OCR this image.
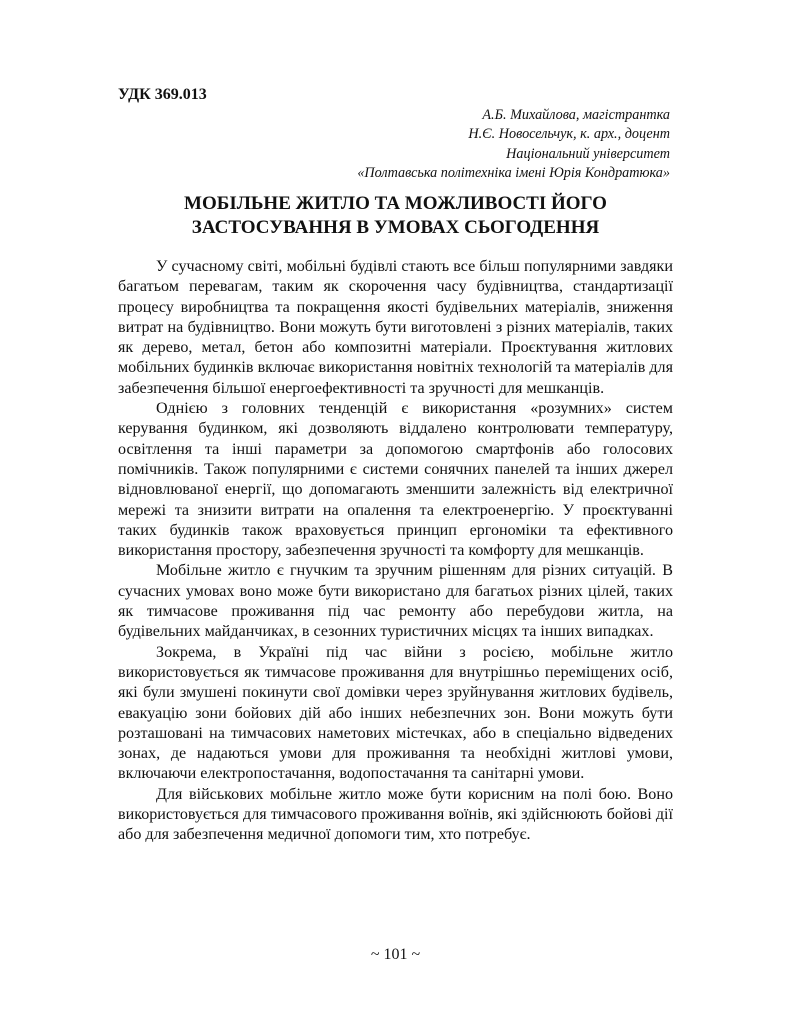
УДК 369.013
А.Б. Михайлова, магістрантка
Н.Є. Новосельчук, к. арх., доцент
Національний університет
«Полтавська політехніка імені Юрія Кондратюка»
МОБІЛЬНЕ ЖИТЛО ТА МОЖЛИВОСТІ ЙОГО
ЗАСТОСУВАННЯ В УМОВАХ СЬОГОДЕННЯ

У сучасному світі, мобільні будівлі стають все більш популярними завдяки багатьом перевагам, таким як скорочення часу будівництва, стандартизації процесу виробництва та покращення якості будівельних матеріалів, зниження витрат на будівництво. Вони можуть бути виготовлені з різних матеріалів, таких як дерево, метал, бетон або композитні матеріали. Проєктування житлових мобільних будинків включає використання новітніх технологій та матеріалів для забезпечення більшої енергоефективності та зручності для мешканців.

Однією з головних тенденцій є використання «розумних» систем керування будинком, які дозволяють віддалено контролювати температуру, освітлення та інші параметри за допомогою смартфонів або голосових помічників. Також популярними є системи сонячних панелей та інших джерел відновлюваної енергії, що допомагають зменшити залежність від електричної мережі та знизити витрати на опалення та електроенергію. У проєктуванні таких будинків також враховується принцип ергономіки та ефективного використання простору, забезпечення зручності та комфорту для мешканців.

Мобільне житло є гнучким та зручним рішенням для різних ситуацій. В сучасних умовах воно може бути використано для багатьох різних цілей, таких як тимчасове проживання під час ремонту або перебудови житла, на будівельних майданчиках, в сезонних туристичних місцях та інших випадках.

Зокрема, в Україні під час війни з росією, мобільне житло використовується як тимчасове проживання для внутрішньо переміщених осіб, які були змушені покинути свої домівки через зруйнування житлових будівель, евакуацію зони бойових дій або інших небезпечних зон. Вони можуть бути розташовані на тимчасових наметових містечках, або в спеціально відведених зонах, де надаються умови для проживання та необхідні житлові умови, включаючи електропостачання, водопостачання та санітарні умови.

Для військових мобільне житло може бути корисним на полі бою. Воно використовується для тимчасового проживання воїнів, які здійснюють бойові дії або для забезпечення медичної допомоги тим, хто потребує.

~ 101 ~
